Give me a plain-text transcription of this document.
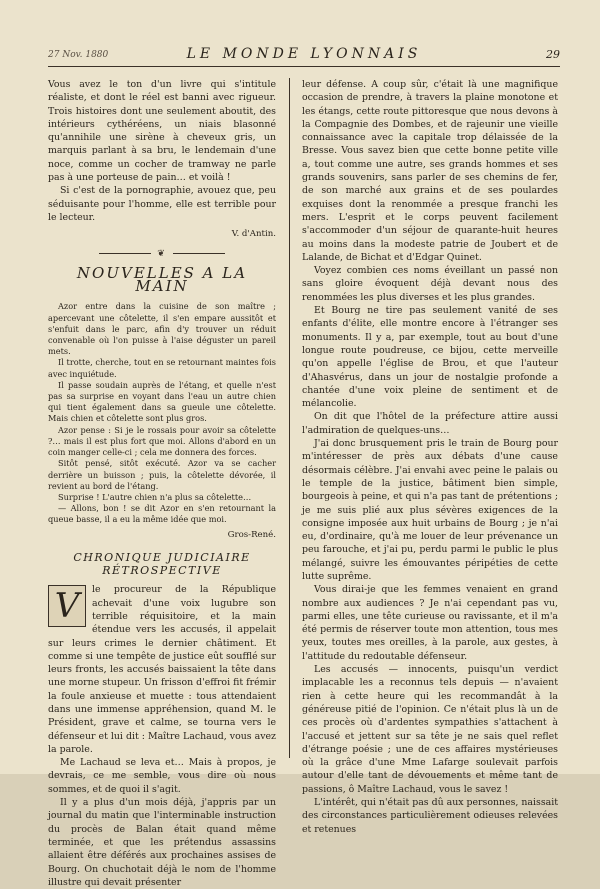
27 Nov. 1880	LE MONDE LYONNAIS	29

Vous avez le ton d'un livre qui s'intitule réaliste, et dont le réel est banni avec rigueur. Trois histoires dont une seulement aboutit, des intérieurs cythéréens, un niais blasonné qu'annihile une sirène à cheveux gris, un marquis parlant à sa bru, le lendemain d'une noce, comme un cocher de tramway ne parle pas à une porteuse de pain… et voilà !

Si c'est de la pornographie, avouez que, peu séduisante pour l'homme, elle est terrible pour le lecteur.

V. d'Antin.

❦
NOUVELLES A LA MAIN

Azor entre dans la cuisine de son maître ; apercevant une côtelette, il s'en empare aussitôt et s'enfuit dans le parc, afin d'y trouver un réduit convenable où l'on puisse à l'aise déguster un pareil mets.

Il trotte, cherche, tout en se retournant maintes fois avec inquiétude.

Il passe soudain auprès de l'étang, et quelle n'est pas sa surprise en voyant dans l'eau un autre chien qui tient également dans sa gueule une côtelette. Mais chien et côtelette sont plus gros.

Azor pense : Si je le rossais pour avoir sa côtelette ?… mais il est plus fort que moi. Allons d'abord en un coin manger celle-ci ; cela me donnera des forces.

Sitôt pensé, sitôt exécuté. Azor va se cacher derrière un buisson ; puis, la côtelette dévorée, il revient au bord de l'étang.

Surprise ! L'autre chien n'a plus sa côtelette…

— Allons, bon ! se dit Azor en s'en retournant la queue basse, il a eu la même idée que moi.

Gros-René.

CHRONIQUE JUDICIAIRE RÉTROSPECTIVE
V	le procureur de la République achevait d'une voix lugubre son terrible réquisitoire, et la main étendue vers les accusés, il appelait sur leurs crimes le dernier châtiment. Et comme si une tempête de justice eût soufflé sur leurs fronts, les accusés baissaient la tête dans une morne stupeur. Un frisson d'effroi fit frémir la foule anxieuse et muette : tous attendaient dans une immense appréhension, quand M. le Président, grave et calme, se tourna vers le défenseur et lui dit : Maître Lachaud, vous avez la parole.

Me Lachaud se leva et… Mais à propos, je devrais, ce me semble, vous dire où nous sommes, et de quoi il s'agit.

Il y a plus d'un mois déjà, j'appris par un journal du matin que l'interminable instruction du procès de Balan était quand même terminée, et que les prétendus assassins allaient être déférés aux prochaines assises de Bourg. On chuchotait déjà le nom de l'homme illustre qui devait présenter

leur défense. A coup sûr, c'était là une magnifique occasion de prendre, à travers la plaine monotone et les étangs, cette route pittoresque que nous devons à la Compagnie des Dombes, et de rajeunir une vieille connaissance avec la capitale trop délaissée de la Bresse. Vous savez bien que cette bonne petite ville a, tout comme une autre, ses grands hommes et ses grands souvenirs, sans parler de ses chemins de fer, de son marché aux grains et de ses poulardes exquises dont la renommée a presque franchi les mers. L'esprit et le corps peuvent facilement s'accommoder d'un séjour de quarante-huit heures au moins dans la modeste patrie de Joubert et de Lalande, de Bichat et d'Edgar Quinet.

Voyez combien ces noms éveillant un passé non sans gloire évoquent déjà devant nous des renommées les plus diverses et les plus grandes.

Et Bourg ne tire pas seulement vanité de ses enfants d'élite, elle montre encore à l'étranger ses monuments. Il y a, par exemple, tout au bout d'une longue route poudreuse, ce bijou, cette merveille qu'on appelle l'église de Brou, et que l'auteur d'Ahasvérus, dans un jour de nostalgie profonde a chantée d'une voix pleine de sentiment et de mélancolie.

On dit que l'hôtel de la préfecture attire aussi l'admiration de quelques-uns…

J'ai donc brusquement pris le train de Bourg pour m'intéresser de près aux débats d'une cause désormais célèbre. J'ai envahi avec peine le palais ou le temple de la justice, bâtiment bien simple, bourgeois à peine, et qui n'a pas tant de prétentions ; je me suis plié aux plus sévères exigences de la consigne imposée aux huit urbains de Bourg ; je n'ai eu, d'ordinaire, qu'à me louer de leur prévenance un peu farouche, et j'ai pu, perdu parmi le public le plus mélangé, suivre les émouvantes péripéties de cette lutte suprême.

Vous dirai-je que les femmes venaient en grand nombre aux audiences ? Je n'ai cependant pas vu, parmi elles, une tête curieuse ou ravissante, et il m'a été permis de réserver toute mon attention, tous mes yeux, toutes mes oreilles, à la parole, aux gestes, à l'attitude du redoutable défenseur.

Les accusés — innocents, puisqu'un verdict implacable les a reconnus tels depuis — n'avaient rien à cette heure qui les recommandât à la généreuse pitié de l'opinion. Ce n'était plus là un de ces procès où d'ardentes sympathies s'attachent à l'accusé et jettent sur sa tête je ne sais quel reflet d'étrange poésie ; une de ces affaires mystérieuses où la grâce d'une Mme Lafarge soulevait parfois autour d'elle tant de dévouements et même tant de passions, ô Maître Lachaud, vous le savez !

L'intérêt, qui n'était pas dû aux personnes, naissait des circonstances particulièrement odieuses relevées et retenues
